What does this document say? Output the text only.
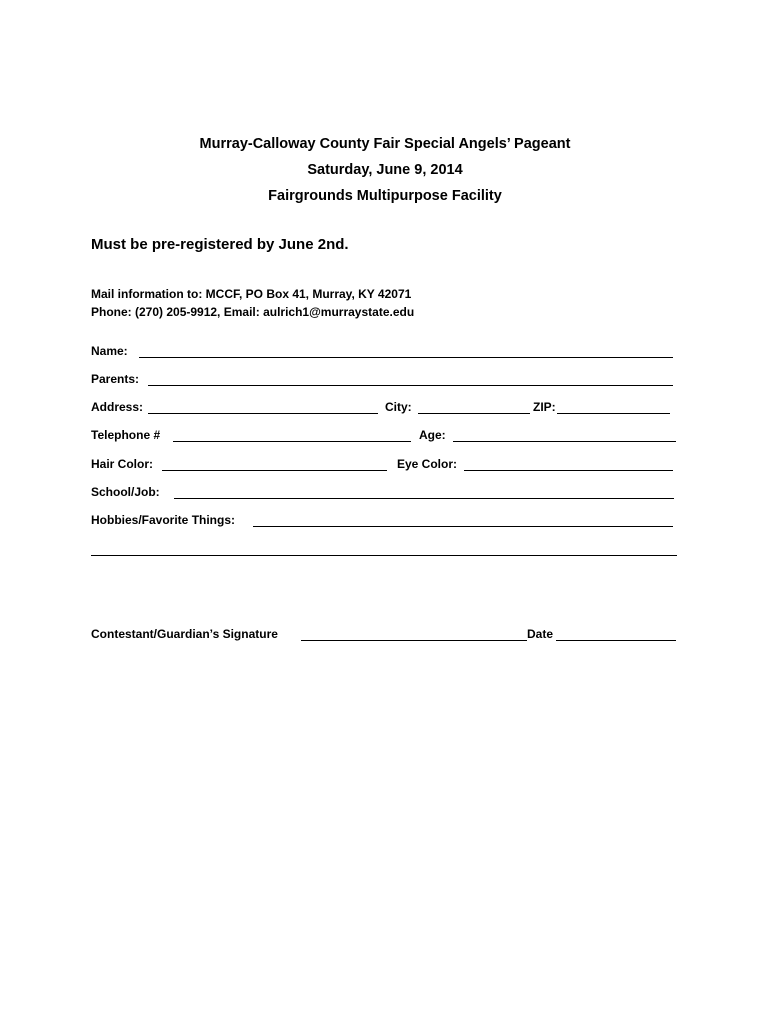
Murray-Calloway County Fair Special Angels’ Pageant
Saturday, June 9, 2014
Fairgrounds Multipurpose Facility
Must be pre-registered by June 2nd.
Mail information to: MCCF, PO Box 41, Murray, KY 42071
Phone: (270) 205-9912, Email: aulrich1@murraystate.edu
Name:
Parents:
Address:	City:	ZIP:
Telephone #	Age:
Hair Color:	Eye Color:
School/Job:
Hobbies/Favorite Things:
Contestant/Guardian’s Signature	Date
